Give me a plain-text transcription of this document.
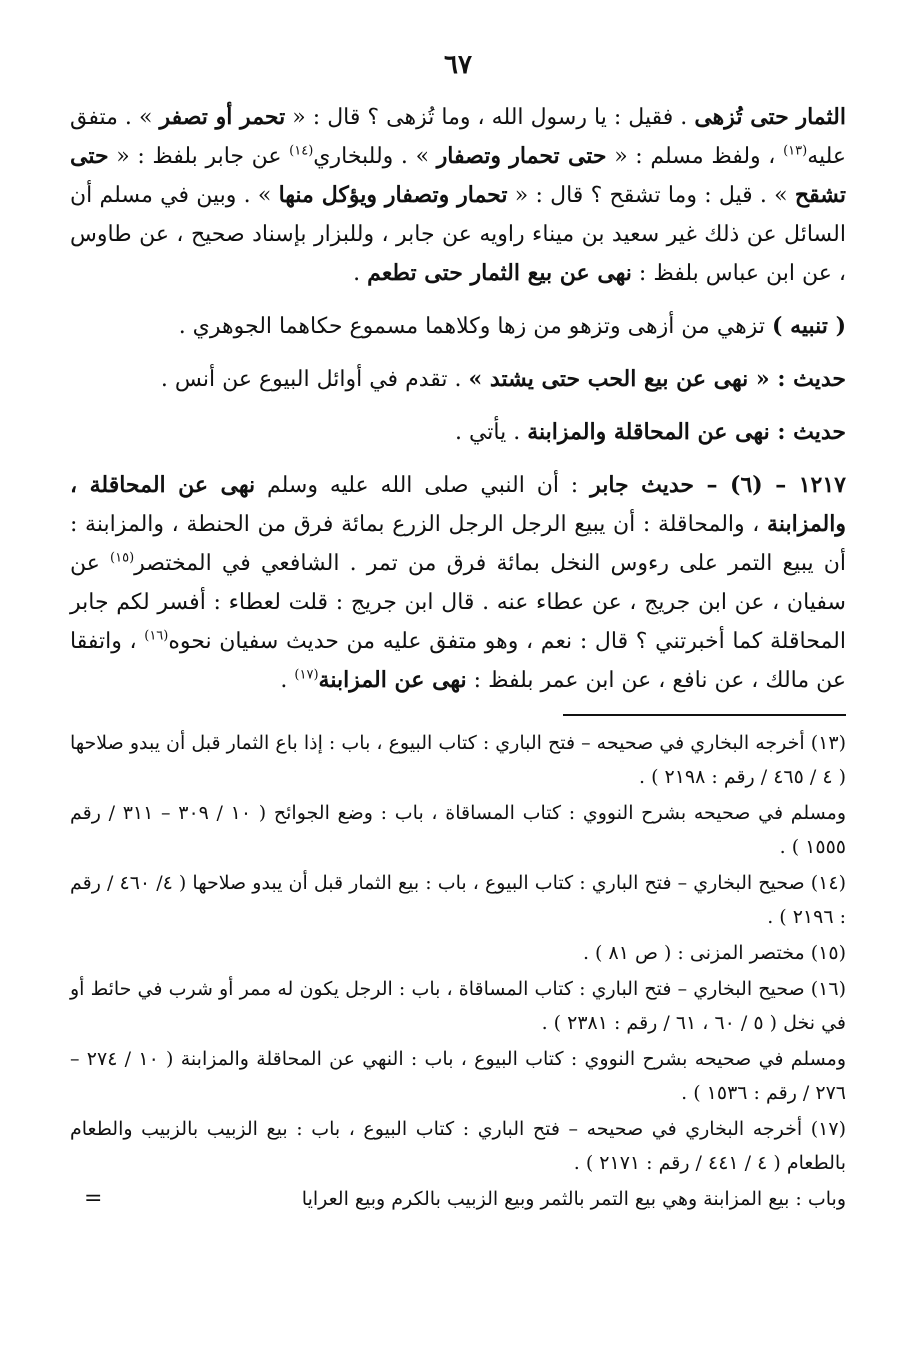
٦٧

الثمار حتى تُزهى . فقيل : يا رسول الله ، وما تُزهى ؟ قال : « تحمر أو تصفر » . متفق عليه$^{(١٣)}$ ، ولفظ مسلم : « حتى تحمار وتصفار » . وللبخاري$^{(١٤)}$ عن جابر بلفظ : « حتى تشقح » . قيل : وما تشقح ؟ قال : « تحمار وتصفار ويؤكل منها » . وبين في مسلم أن السائل عن ذلك غير سعيد بن ميناء راويه عن جابر ، وللبزار بإسناد صحيح ، عن طاوس ، عن ابن عباس بلفظ : نهى عن بيع الثمار حتى تطعم .

( تنبيه ) تزهي من أزهى وتزهو من زها وكلاهما مسموع حكاهما الجوهري .

حديث : « نهى عن بيع الحب حتى يشتد » . تقدم في أوائل البيوع عن أنس .

حديث : نهى عن المحاقلة والمزابنة . يأتي .

١٢١٧ – (٦) – حديث جابر : أن النبي صلى الله عليه وسلم نهى عن المحاقلة ، والمزابنة ، والمحاقلة : أن يبيع الرجل الرجل الزرع بمائة فرق من الحنطة ، والمزابنة : أن يبيع التمر على رءوس النخل بمائة فرق من تمر . الشافعي في المختصر$^{(١٥)}$ عن سفيان ، عن ابن جريج ، عن عطاء عنه . قال ابن جريج : قلت لعطاء : أفسر لكم جابر المحاقلة كما أخبرتني ؟ قال : نعم ، وهو متفق عليه من حديث سفيان نحوه$^{(١٦)}$ ، واتفقا عن مالك ، عن نافع ، عن ابن عمر بلفظ : نهى عن المزابنة$^{(١٧)}$ .

(١٣) أخرجه البخاري في صحيحه – فتح الباري : كتاب البيوع ، باب : إذا باع الثمار قبل أن يبدو صلاحها ( ٤ / ٤٦٥ / رقم : ٢١٩٨ ) .

ومسلم في صحيحه بشرح النووي : كتاب المساقاة ، باب : وضع الجوائح ( ١٠ / ٣٠٩ – ٣١١ / رقم ١٥٥٥ ) .

(١٤) صحيح البخاري – فتح الباري : كتاب البيوع ، باب : بيع الثمار قبل أن يبدو صلاحها ( ٤/ ٤٦٠ / رقم : ٢١٩٦ ) .

(١٥) مختصر المزنى : ( ص ٨١ ) .

(١٦) صحيح البخاري – فتح الباري : كتاب المساقاة ، باب : الرجل يكون له ممر أو شرب في حائط أو في نخل ( ٥ / ٦٠ ، ٦١ / رقم : ٢٣٨١ ) .

ومسلم في صحيحه بشرح النووي : كتاب البيوع ، باب : النهي عن المحاقلة والمزابنة ( ١٠ / ٢٧٤ – ٢٧٦ / رقم : ١٥٣٦ ) .

(١٧) أخرجه البخاري في صحيحه – فتح الباري : كتاب البيوع ، باب : بيع الزبيب بالزبيب والطعام بالطعام ( ٤ / ٤٤١ / رقم : ٢١٧١ ) .

وباب : بيع المزابنة وهي بيع التمر بالثمر وبيع الزبيب بالكرم وبيع العرايا
=
